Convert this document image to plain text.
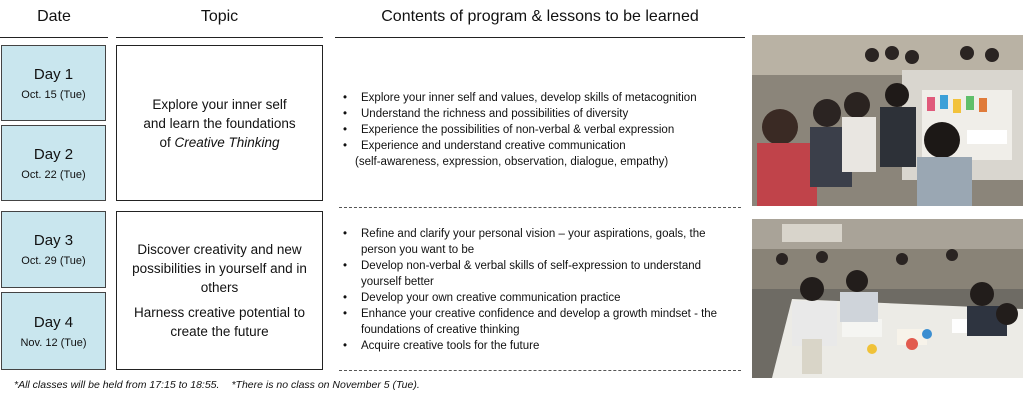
Date	Topic	Contents of program & lessons to be learned
Day 1
Oct. 15 (Tue)
Day 2
Oct. 22 (Tue)
Day 3
Oct. 29 (Tue)
Day 4
Nov. 12 (Tue)
Explore your inner self
and learn the foundations
of Creative Thinking
Discover creativity and new possibilities in yourself and in others
Harness creative potential to create the future
• Explore your inner self and values, develop skills of metacognition
• Understand the richness and possibilities of diversity
• Experience the possibilities of non-verbal & verbal expression
• Experience and understand creative communication
(self-awareness, expression, observation, dialogue, empathy)
• Refine and clarify your personal vision – your aspirations, goals, the person you want to be
• Develop non-verbal & verbal skills of self-expression to understand yourself better
• Develop your own creative communication practice
• Enhance your creative confidence and develop a growth mindset - the foundations of creative thinking
• Acquire creative tools for the future
*All classes will be held from 17:15 to 18:55. *There is no class on November 5 (Tue).
